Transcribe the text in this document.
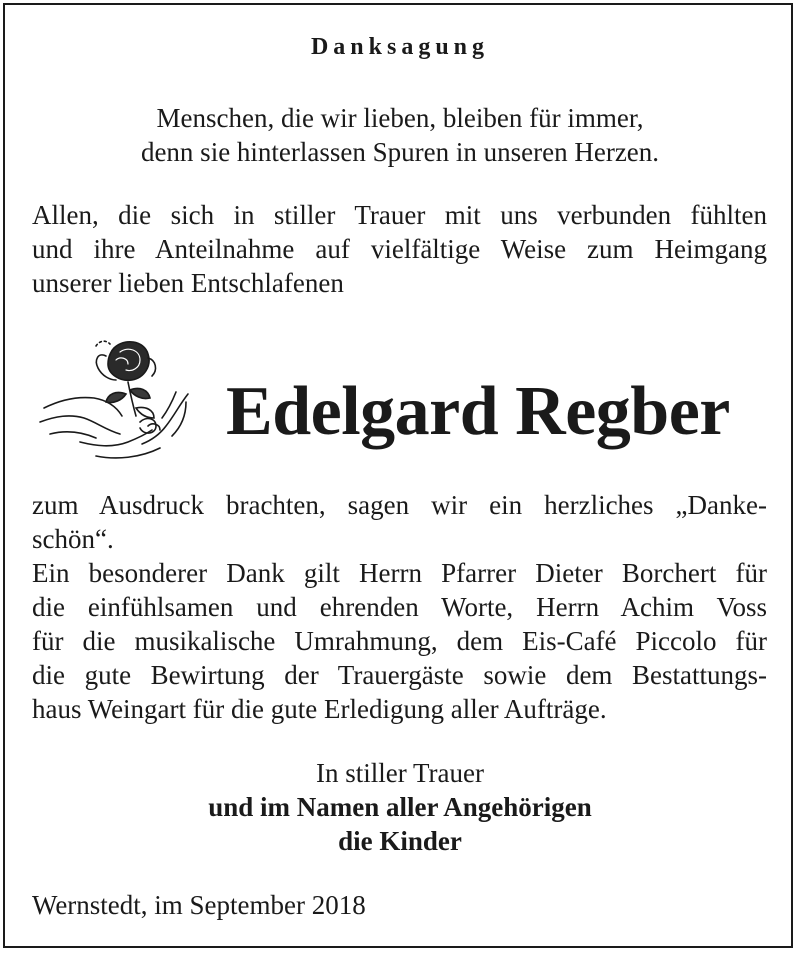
Danksagung
Menschen, die wir lieben, bleiben für immer,
denn sie hinterlassen Spuren in unseren Herzen.
Allen, die sich in stiller Trauer mit uns verbunden fühlten
und ihre Anteilnahme auf vielfältige Weise zum Heimgang
unserer lieben Entschlafenen
Edelgard Regber
zum Ausdruck brachten, sagen wir ein herzliches „Danke-
schön“.
Ein besonderer Dank gilt Herrn Pfarrer Dieter Borchert für
die einfühlsamen und ehrenden Worte, Herrn Achim Voss
für die musikalische Umrahmung, dem Eis-Café Piccolo für
die gute Bewirtung der Trauergäste sowie dem Bestattungs-
haus Weingart für die gute Erledigung aller Aufträge.
In stiller Trauer
und im Namen aller Angehörigen
die Kinder
Wernstedt, im September 2018
